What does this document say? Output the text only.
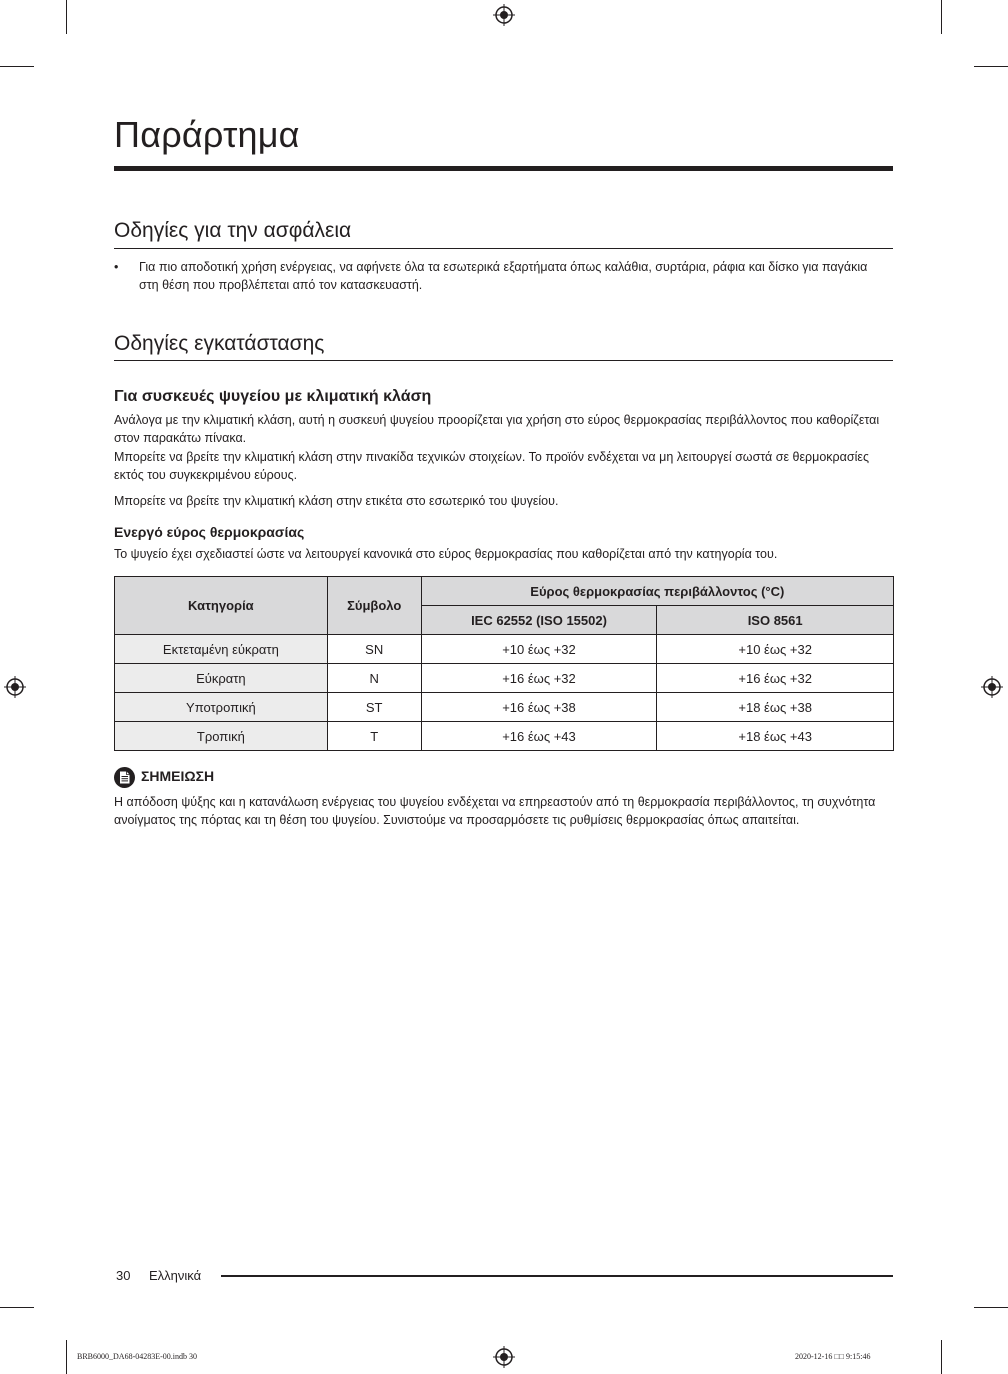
Παράρτημα
Οδηγίες για την ασφάλεια
• Για πιο αποδοτική χρήση ενέργειας, να αφήνετε όλα τα εσωτερικά εξαρτήματα όπως καλάθια, συρτάρια, ράφια και δίσκο για παγάκια στη θέση που προβλέπεται από τον κατασκευαστή.
Οδηγίες εγκατάστασης
Για συσκευές ψυγείου με κλιματική κλάση

Ανάλογα με την κλιματική κλάση, αυτή η συσκευή ψυγείου προορίζεται για χρήση στο εύρος θερμοκρασίας περιβάλλοντος που καθορίζεται στον παρακάτω πίνακα.

Μπορείτε να βρείτε την κλιματική κλάση στην πινακίδα τεχνικών στοιχείων. Το προϊόν ενδέχεται να μη λειτουργεί σωστά σε θερμοκρασίες εκτός του συγκεκριμένου εύρους.

Μπορείτε να βρείτε την κλιματική κλάση στην ετικέτα στο εσωτερικό του ψυγείου.

Ενεργό εύρος θερμοκρασίας

Το ψυγείο έχει σχεδιαστεί ώστε να λειτουργεί κανονικά στο εύρος θερμοκρασίας που καθορίζεται από την κατηγορία του.

Κατηγορία	Σύμβολο	Εύρος θερμοκρασίας περιβάλλοντος (°C)	
		IEC 62552 (ISO 15502)	ISO 8561
Εκτεταμένη εύκρατη	SN	+10 έως +32	+10 έως +32
Εύκρατη	N	+16 έως +32	+16 έως +32
Υποτροπική	ST	+16 έως +38	+18 έως +38
Τροπική	T	+16 έως +43	+18 έως +43

ΣΗΜΕΙΩΣΗ

Η απόδοση ψύξης και η κατανάλωση ενέργειας του ψυγείου ενδέχεται να επηρεαστούν από τη θερμοκρασία περιβάλλοντος, τη συχνότητα ανοίγματος της πόρτας και τη θέση του ψυγείου. Συνιστούμε να προσαρμόσετε τις ρυθμίσεις θερμοκρασίας όπως απαιτείται.

30 Ελληνικά
BRB6000_DA68-04283E-00.indb 30	2020-12-16 □□ 9:15:46
